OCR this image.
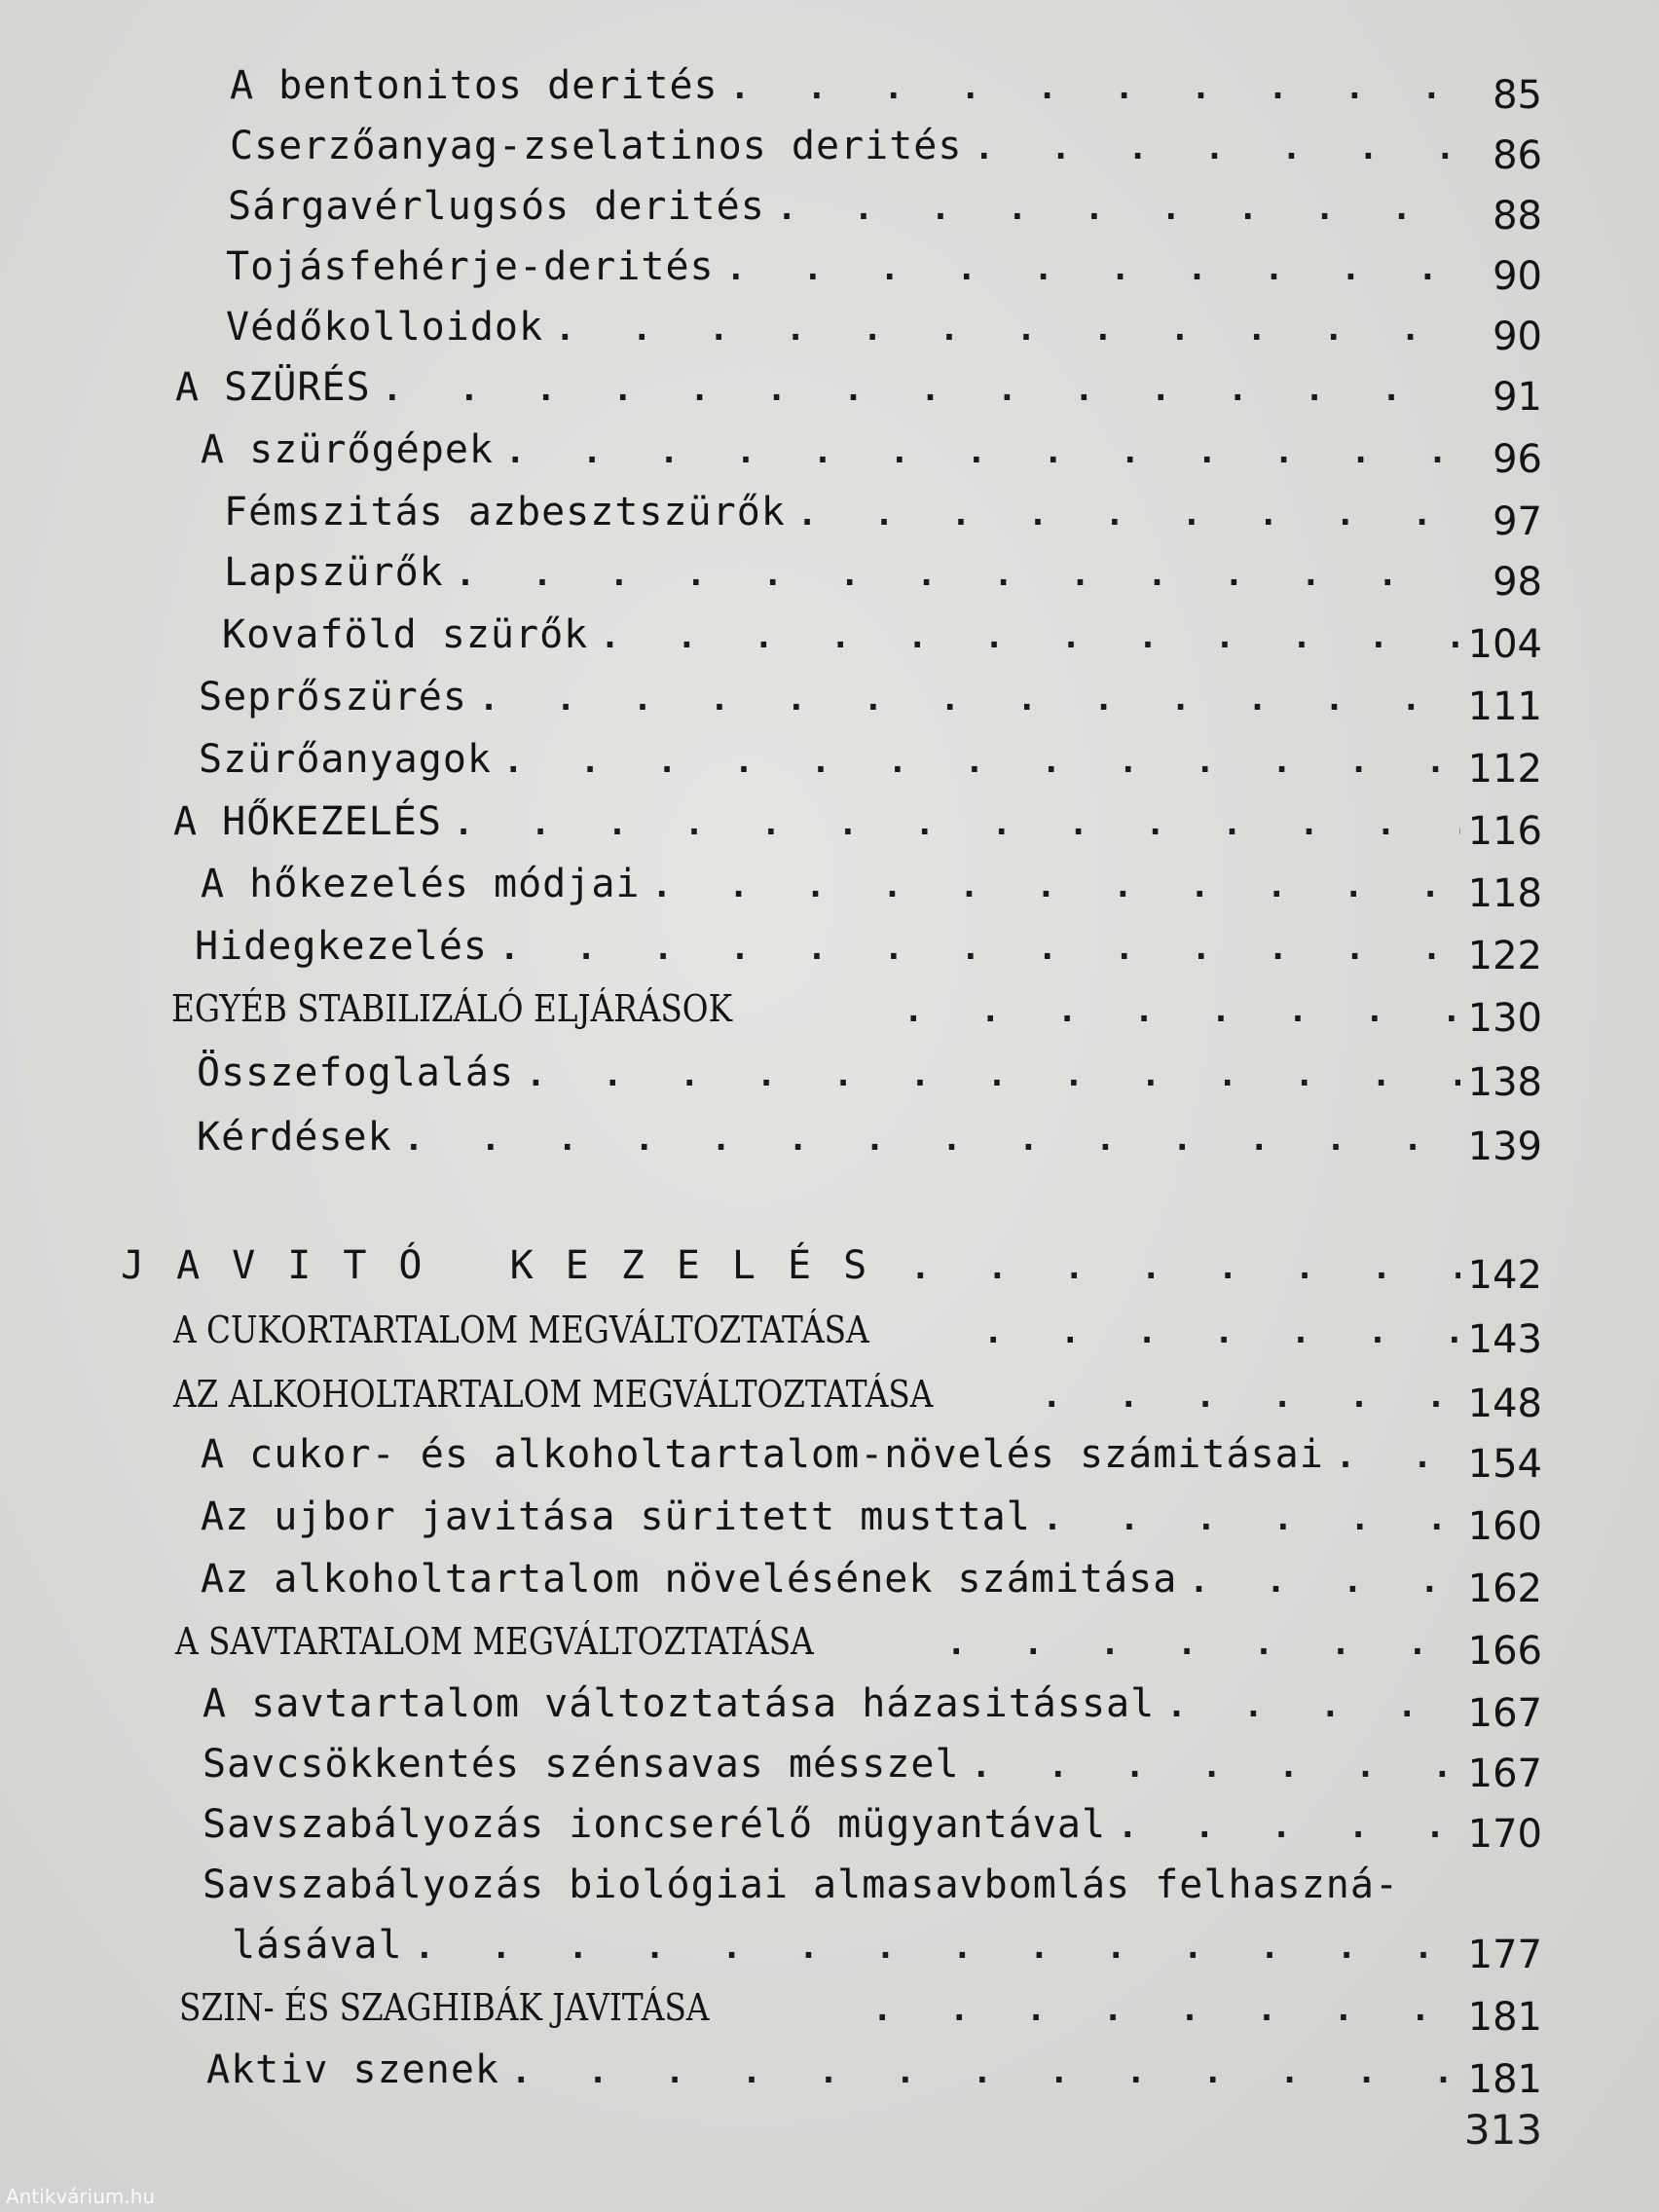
A bentonitos derités . . .	85
Cserzőanyag-zselatinos derités . . .	86
Sárgavérlugsós derités . . .	88
Tojásfehérje-derités . . .	90
Védőkolloidok . . .	90
A SZÜRÉS . . .	91
A szürőgépek . . .	96
Fémszitás azbesztszürők . . .	97
Lapszürők . . .	98
Kovaföld szürők . . .	104
Seprőszürés . . .	111
Szürőanyagok . . .	112
A HŐKEZELÉS . . .	116
A hőkezelés módjai . . .	118
Hidegkezelés . . .	122
EGYÉB STABILIZÁLÓ ELJÁRÁSOK . . .	130
Összefoglalás . . .	138
Kérdések . . .	139
JAVITÓ KEZELÉS . . .	142
A CUKORTARTALOM MEGVÁLTOZTATÁSA . . .	143
AZ ALKOHOLTARTALOM MEGVÁLTOZTATÁSA . . .	148
A cukor- és alkoholtartalom-növelés számitásai . . .	154
Az ujbor javitása süritett musttal . . .	160
Az alkoholtartalom növelésének számitása . . .	162
A SAVTARTALOM MEGVÁLTOZTATÁSA . . .	166
A savtartalom változtatása házasitással . . .	167
Savcsökkentés szénsavas mésszel . . .	167
Savszabályozás ioncserélő mügyantával . . .	170
Savszabályozás biológiai almasavbomlás felhaszná-
lásával . . .	177
SZIN- ÉS SZAGHIBÁK JAVITÁSA . . .	181
Aktiv szenek . . .	181
313
Antikvárium.hu
